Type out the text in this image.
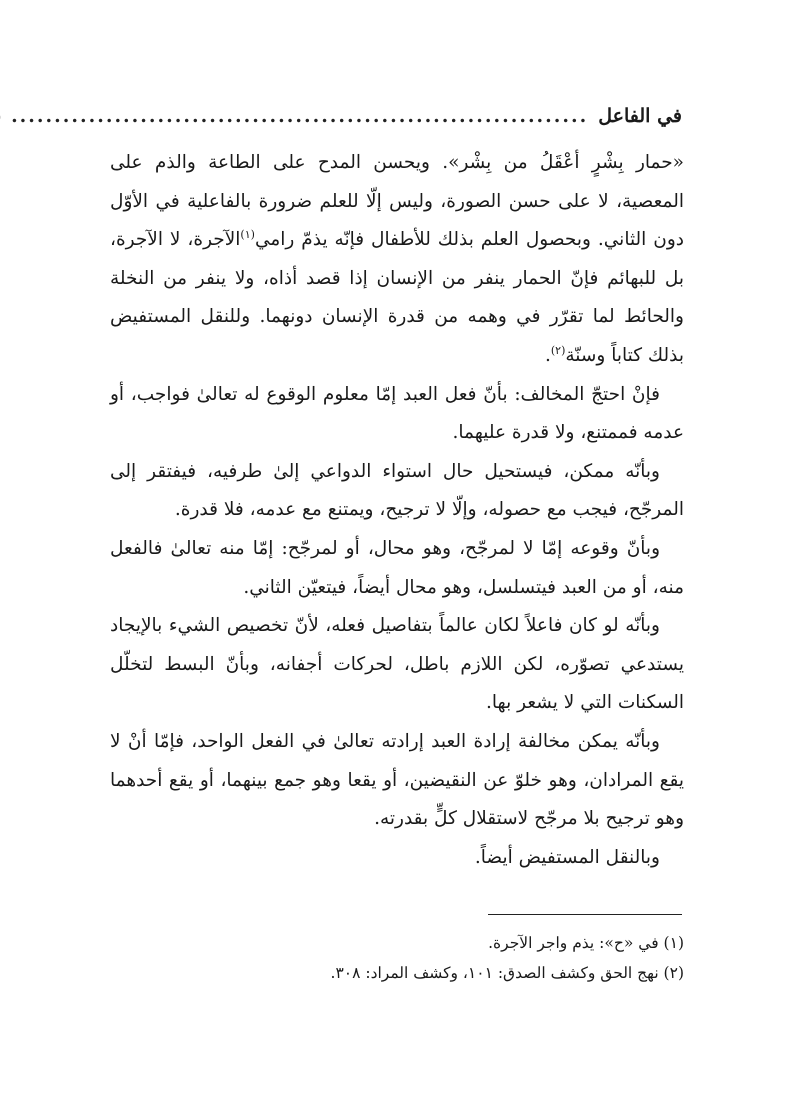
في الفاعل
...................................................................

«حمار بِشْرٍ أعْقَلُ من بِشْر». ويحسن المدح على الطاعة والذم على المعصية، لا على حسن الصورة، وليس إلّا للعلم ضرورة بالفاعلية في الأوّل دون الثاني. وبحصول العلم بذلك للأطفال فإنّه يذمّ رامي$^{(١)}$الآجرة، لا الآجرة، بل للبهائم فإنّ الحمار ينفر من الإنسان إذا قصد أذاه، ولا ينفر من النخلة والحائط لما تقرّر في وهمه من قدرة الإنسان دونهما. وللنقل المستفيض بذلك كتاباً وسنّة$^{(٢)}$.

فإنْ احتجّ المخالف: بأنّ فعل العبد إمّا معلوم الوقوع له تعالىٰ فواجب، أو عدمه فممتنع، ولا قدرة عليهما.

وبأنّه ممكن، فيستحيل حال استواء الدواعي إلىٰ طرفيه، فيفتقر إلى المرجّح، فيجب مع حصوله، وإلّا لا ترجيح، ويمتنع مع عدمه، فلا قدرة.

وبأنّ وقوعه إمّا لا لمرجّح، وهو محال، أو لمرجّح: إمّا منه تعالىٰ فالفعل منه، أو من العبد فيتسلسل، وهو محال أيضاً، فيتعيّن الثاني.

وبأنّه لو كان فاعلاً لكان عالماً بتفاصيل فعله، لأنّ تخصيص الشيء بالإيجاد يستدعي تصوّره، لكن اللازم باطل، لحركات أجفانه، وبأنّ البسط لتخلّل السكنات التي لا يشعر بها.

وبأنّه يمكن مخالفة إرادة العبد إرادته تعالىٰ في الفعل الواحد، فإمّا أنْ لا يقع المرادان، وهو خلوّ عن النقيضين، أو يقعا وهو جمع بينهما، أو يقع أحدهما وهو ترجيح بلا مرجّح لاستقلال كلٍّ بقدرته.

وبالنقل المستفيض أيضاً.

(١) في «ح»: يذم واجر الآجرة.

(٢) نهج الحق وكشف الصدق: ١٠١، وكشف المراد: ٣٠٨.
